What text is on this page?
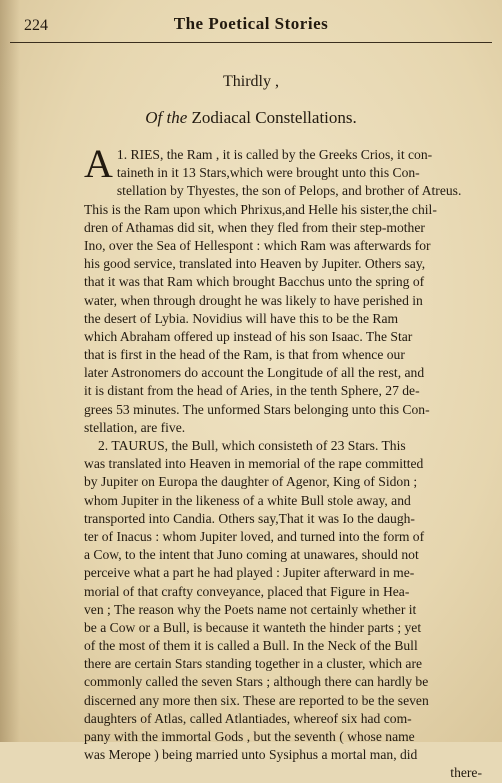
224	The Poetical Stories
Thirdly ,
Of the Zodiacal Constellations.
1.
A RIES, the Ram , it is called by the Greeks Crios, it con-
taineth in it 13 Stars,which were brought unto this Con-
stellation by Thyestes, the son of Pelops, and brother of Atreus.
This is the Ram upon which Phrixus,and Helle his sister,the chil-
dren of Athamas did sit, when they fled from their step-mother
Ino, over the Sea of Hellespont : which Ram was afterwards for
his good service, translated into Heaven by Jupiter. Others say,
that it was that Ram which brought Bacchus unto the spring of
water, when through drought he was likely to have perished in
the desert of Lybia. Novidius will have this to be the Ram
which Abraham offered up instead of his son Isaac. The Star
that is first in the head of the Ram, is that from whence our
later Astronomers do account the Longitude of all the rest, and
it is distant from the head of Aries, in the tenth Sphere, 27 de-
grees 53 minutes. The unformed Stars belonging unto this Con-
stellation, are five.
2. TAURUS, the Bull, which consisteth of 23 Stars. This
was translated into Heaven in memorial of the rape committed
by Jupiter on Europa the daughter of Agenor, King of Sidon ;
whom Jupiter in the likeness of a white Bull stole away, and
transported into Candia. Others say,That it was Io the daugh-
ter of Inacus : whom Jupiter loved, and turned into the form of
a Cow, to the intent that Juno coming at unawares, should not
perceive what a part he had played : Jupiter afterward in me-
morial of that crafty conveyance, placed that Figure in Hea-
ven ; The reason why the Poets name not certainly whether it
be a Cow or a Bull, is because it wanteth the hinder parts ; yet
of the most of them it is called a Bull. In the Neck of the Bull
there are certain Stars standing together in a cluster, which are
commonly called the seven Stars ; although there can hardly be
discerned any more then six. These are reported to be the seven
daughters of Atlas, called Atlantiades, whereof six had com-
pany with the immortal Gods , but the seventh ( whose name
was Merope ) being married unto Sysiphus a mortal man, did
there-
